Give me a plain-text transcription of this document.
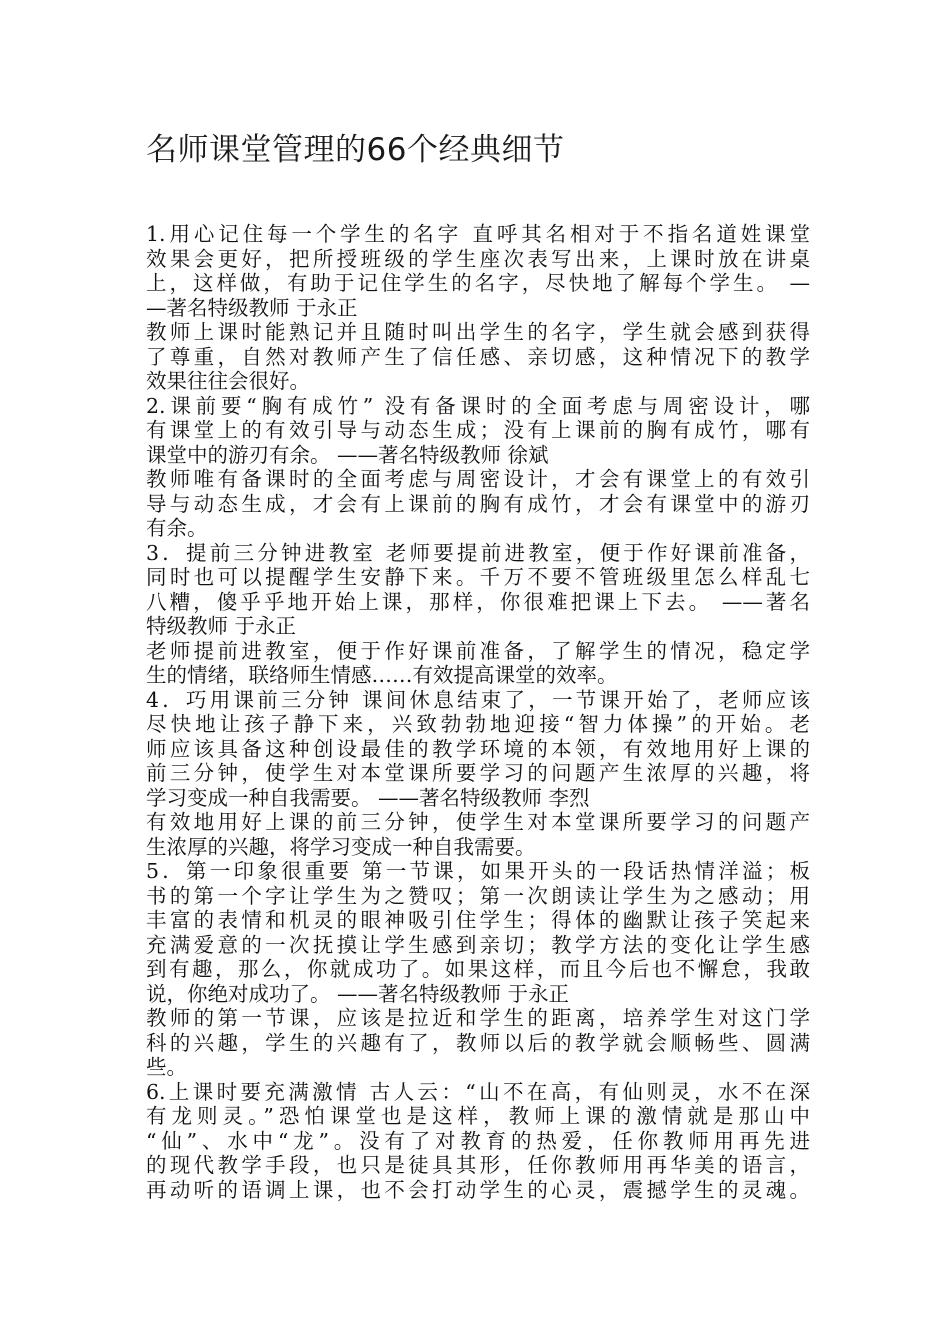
名师课堂管理的66个经典细节
1.用心记住每一个学生的名字 直呼其名相对于不指名道姓课堂
效果会更好，把所授班级的学生座次表写出来，上课时放在讲桌
上，这样做，有助于记住学生的名字，尽快地了解每个学生。 —
—著名特级教师 于永正
教师上课时能熟记并且随时叫出学生的名字，学生就会感到获得
了尊重，自然对教师产生了信任感、亲切感，这种情况下的教学
效果往往会很好。
2.课前要“胸有成竹” 没有备课时的全面考虑与周密设计，哪
有课堂上的有效引导与动态生成；没有上课前的胸有成竹，哪有
课堂中的游刃有余。 ——著名特级教师 徐斌
教师唯有备课时的全面考虑与周密设计，才会有课堂上的有效引
导与动态生成，才会有上课前的胸有成竹，才会有课堂中的游刃
有余。
3．提前三分钟进教室 老师要提前进教室，便于作好课前准备，
同时也可以提醒学生安静下来。千万不要不管班级里怎么样乱七
八糟，傻乎乎地开始上课，那样，你很难把课上下去。 ——著名
特级教师 于永正
老师提前进教室，便于作好课前准备，了解学生的情况，稳定学
生的情绪，联络师生情感……有效提高课堂的效率。
4．巧用课前三分钟 课间休息结束了，一节课开始了，老师应该
尽快地让孩子静下来，兴致勃勃地迎接“智力体操”的开始。老
师应该具备这种创设最佳的教学环境的本领，有效地用好上课的
前三分钟，使学生对本堂课所要学习的问题产生浓厚的兴趣，将
学习变成一种自我需要。 ——著名特级教师 李烈
有效地用好上课的前三分钟，使学生对本堂课所要学习的问题产
生浓厚的兴趣，将学习变成一种自我需要。
5．第一印象很重要 第一节课，如果开头的一段话热情洋溢；板
书的第一个字让学生为之赞叹；第一次朗读让学生为之感动；用
丰富的表情和机灵的眼神吸引住学生；得体的幽默让孩子笑起来
充满爱意的一次抚摸让学生感到亲切；教学方法的变化让学生感
到有趣，那么，你就成功了。如果这样，而且今后也不懈怠，我敢
说，你绝对成功了。 ——著名特级教师 于永正
教师的第一节课，应该是拉近和学生的距离，培养学生对这门学
科的兴趣，学生的兴趣有了，教师以后的教学就会顺畅些、圆满
些。
6.上课时要充满激情 古人云：“山不在高，有仙则灵，水不在深
有龙则灵。”恐怕课堂也是这样，教师上课的激情就是那山中
“仙”、水中“龙”。没有了对教育的热爱，任你教师用再先进
的现代教学手段，也只是徒具其形，任你教师用再华美的语言，
再动听的语调上课，也不会打动学生的心灵，震撼学生的灵魂。
